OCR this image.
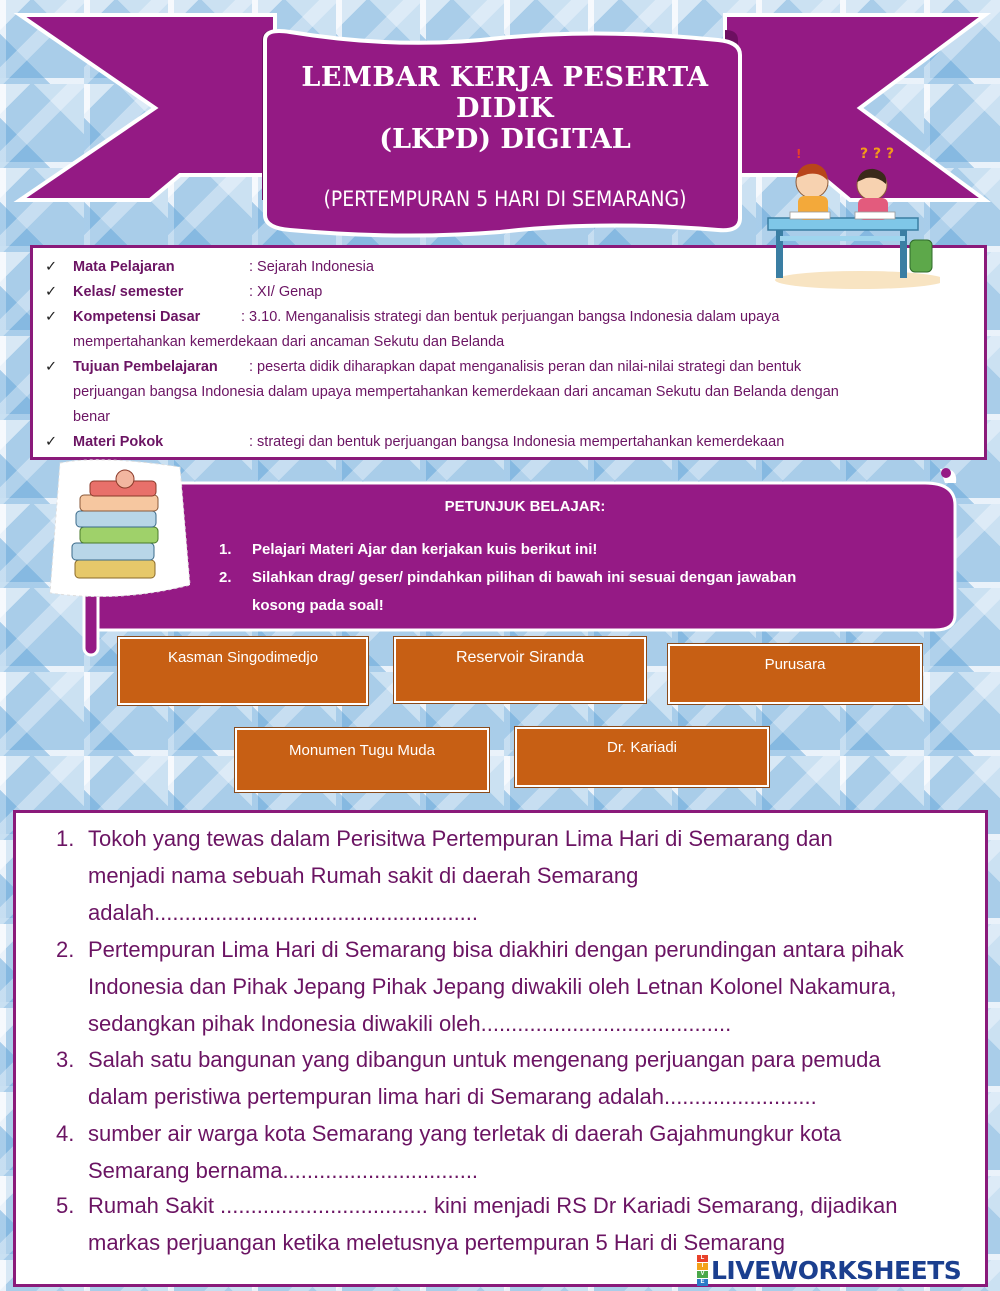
LEMBAR KERJA PESERTA DIDIK
(LKPD) DIGITAL
(PERTEMPURAN 5 HARI DI SEMARANG)
✓ Mata Pelajaran	: Sejarah Indonesia
✓ Kelas/ semester	: XI/ Genap
✓ Kompetensi Dasar	: 3.10. Menganalisis strategi dan bentuk perjuangan bangsa Indonesia dalam upaya
mempertahankan kemerdekaan dari ancaman Sekutu dan Belanda
✓ Tujuan Pembelajaran : peserta didik diharapkan dapat menganalisis peran dan nilai-nilai strategi dan bentuk
perjuangan bangsa Indonesia dalam upaya mempertahankan kemerdekaan dari ancaman Sekutu dan Belanda dengan
benar
✓ Materi Pokok	: strategi dan bentuk perjuangan bangsa Indonesia mempertahankan kemerdekaan
? ? ?
!
PETUNJUK BELAJAR:
1. Pelajari Materi Ajar dan kerjakan kuis berikut ini!
2. Silahkan drag/ geser/ pindahkan pilihan di bawah ini sesuai dengan jawaban
kosong pada soal!
Kasman Singodimedjo	Reservoir Siranda	Purusara
Monumen Tugu Muda	Dr. Kariadi
1. Tokoh yang tewas dalam Perisitwa Pertempuran Lima Hari di Semarang dan
menjadi nama sebuah Rumah sakit di daerah Semarang
adalah.....................................................
2. Pertempuran Lima Hari di Semarang bisa diakhiri dengan perundingan antara pihak
Indonesia dan Pihak Jepang Pihak Jepang diwakili oleh Letnan Kolonel Nakamura,
sedangkan pihak Indonesia diwakili oleh.........................................
3. Salah satu bangunan yang dibangun untuk mengenang perjuangan para pemuda
dalam peristiwa pertempuran lima hari di Semarang adalah.........................
4. sumber air warga kota Semarang yang terletak di daerah Gajahmungkur kota
Semarang bernama................................
5. Rumah Sakit .................................. kini menjadi RS Dr Kariadi Semarang, dijadikan
markas perjuangan ketika meletusnya pertempuran 5 Hari di Semarang
L
I
V
E LIVEWORKSHEETS
